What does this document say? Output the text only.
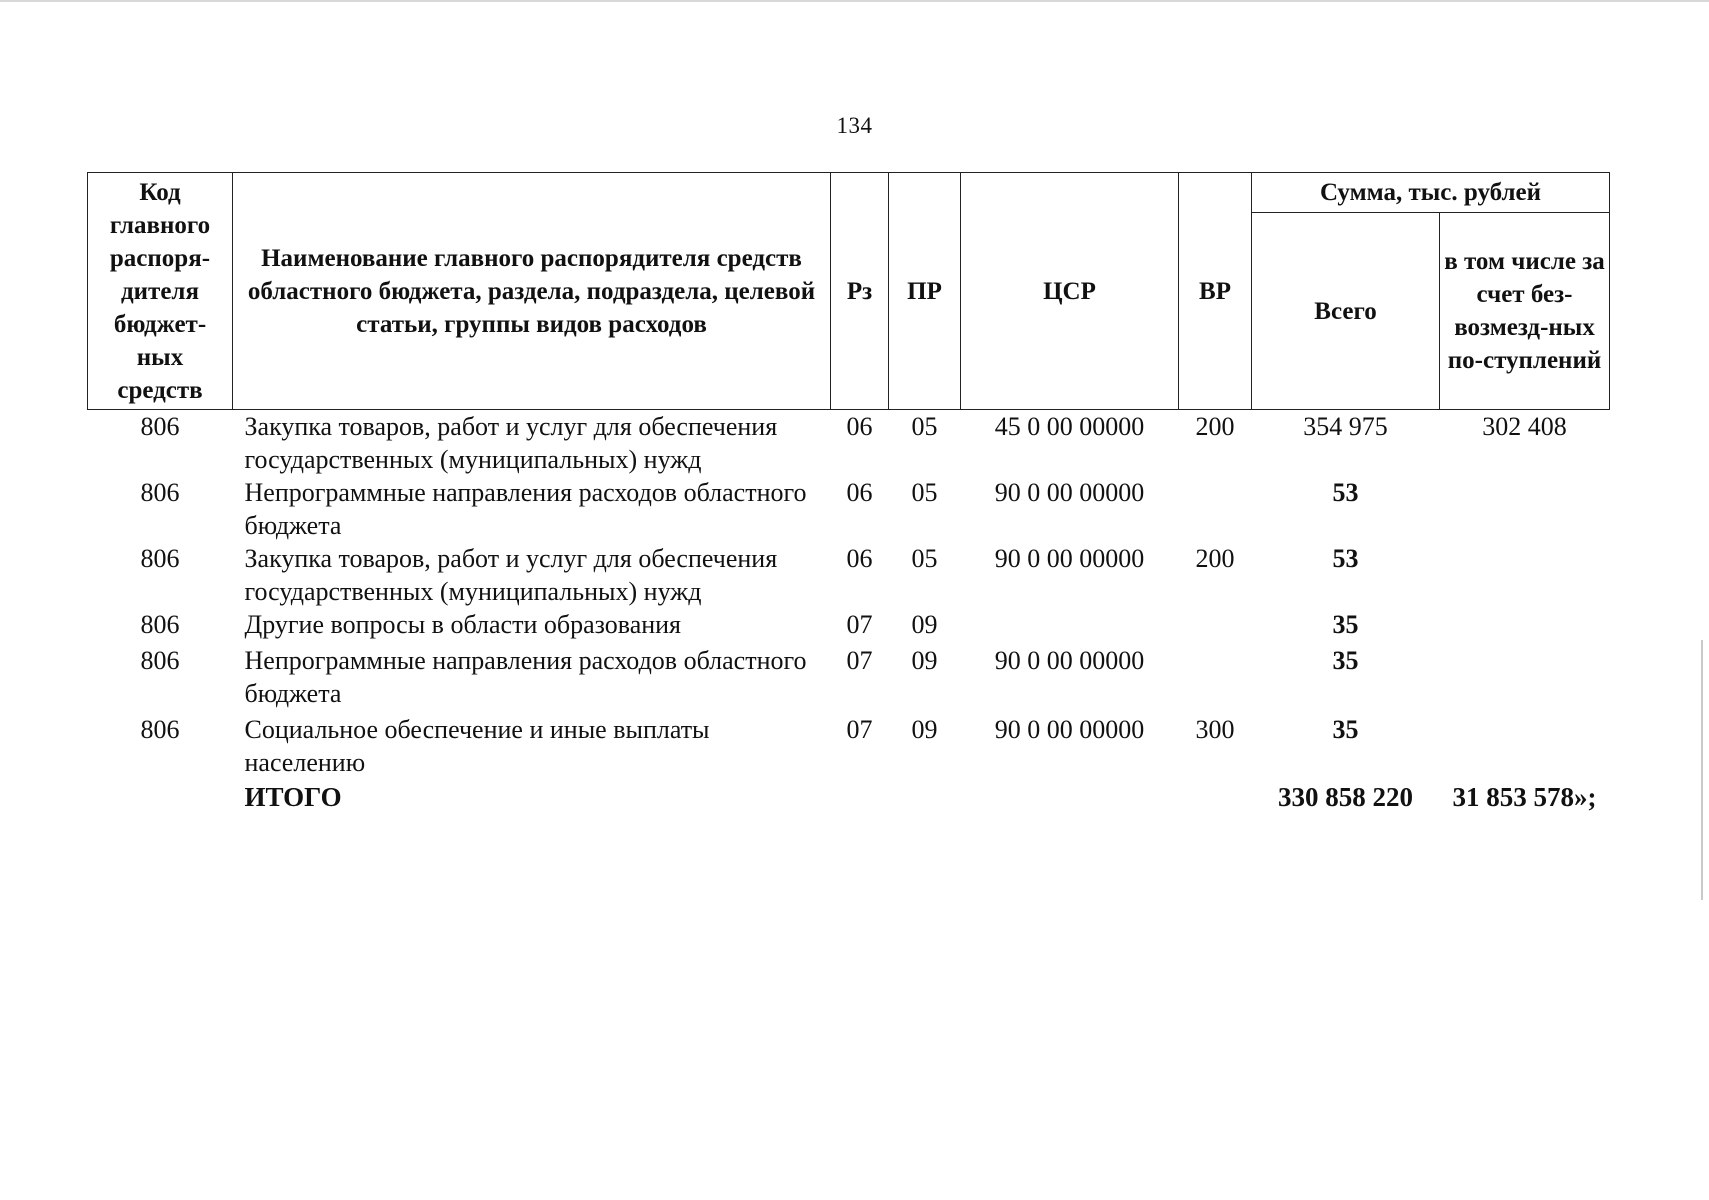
134
Код главного распоря-дителя бюджет-ных средств	Наименование главного распорядителя средств областного бюджета, раздела, подраздела, целевой статьи, группы видов расходов	Рз	ПР	ЦСР	ВР	Сумма, тыс. рублей	
						Всего	в том числе за счет без-возмезд-ных по-ступлений
806	Закупка товаров, работ и услуг для обеспечения государственных (муниципальных) нужд	06	05	45 0 00 00000	200	354 975	302 408
806	Непрограммные направления расходов областного бюджета	06	05	90 0 00 00000		53	
806	Закупка товаров, работ и услуг для обеспечения государственных (муниципальных) нужд	06	05	90 0 00 00000	200	53	
806	Другие вопросы в области образования	07	09			35	
806	Непрограммные направления расходов областного бюджета	07	09	90 0 00 00000		35	
806	Социальное обеспечение и иные выплаты населению	07	09	90 0 00 00000	300	35	
	ИТОГО					330 858 220	31 853 578»;
